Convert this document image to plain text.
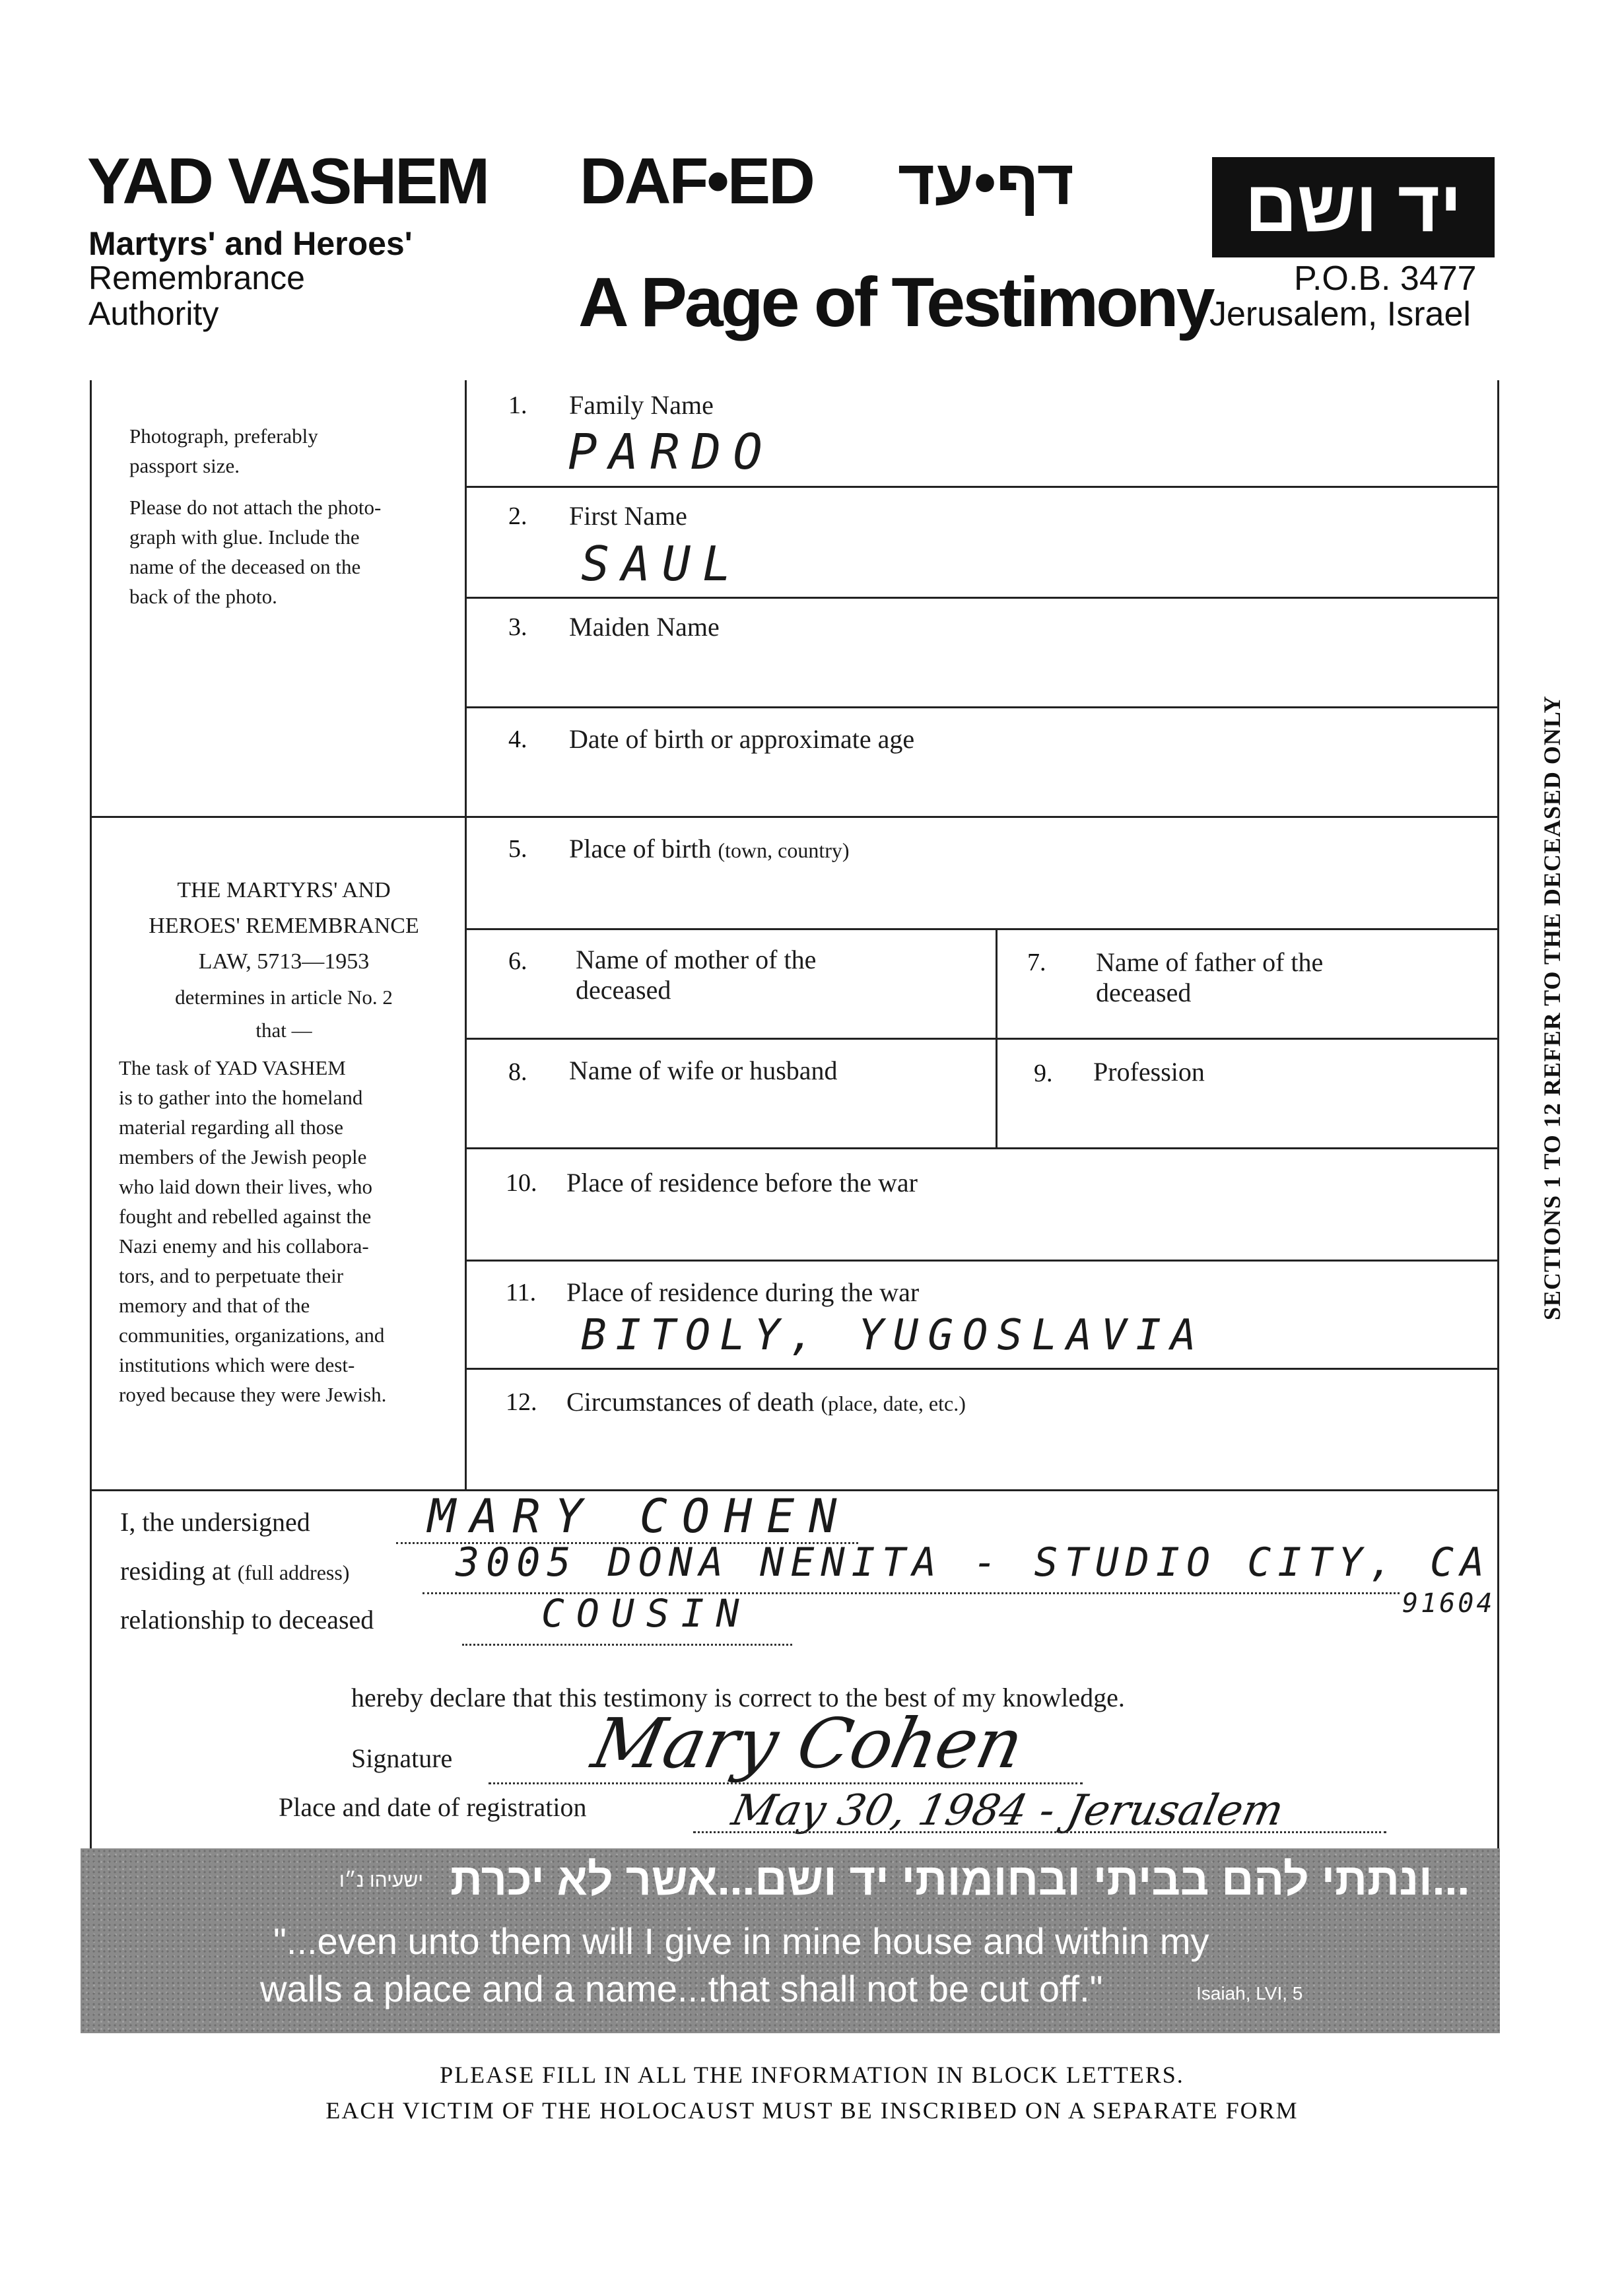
YAD VASHEM
Martyrs' and Heroes'
Remembrance
Authority
DAF•ED דף•עד
A Page of Testimony
יד ושם
P.O.B. 3477
Jerusalem, Israel
Photograph, preferably
passport size.
Please do not attach the photo-
graph with glue. Include the
name of the deceased on the
back of the photo.
THE MARTYRS' AND
HEROES' REMEMBRANCE
LAW, 5713—1953
determines in article No. 2
that —
The task of YAD VASHEM
is to gather into the homeland
material regarding all those
members of the Jewish people
who laid down their lives, who
fought and rebelled against the
Nazi enemy and his collabora-
tors, and to perpetuate their
memory and that of the
communities, organizations, and
institutions which were dest-
royed because they were Jewish.
1. Family Name
PARDO
2. First Name
SAUL
3. Maiden Name
4. Date of birth or approximate age
5. Place of birth (town, country)
6. Name of mother of the
deceased
7. Name of father of the
deceased
8. Name of wife or husband	9. Profession
10. Place of residence before the war
11. Place of residence during the war
BITOLY, YUGOSLAVIA
12. Circumstances of death (place, date, etc.)
SECTIONS 1 TO 12 REFER TO THE DECEASED ONLY
I, the undersigned	MARY COHEN
residing at (full address)	3005 DONA NENITA - STUDIO CITY, CA
91604
relationship to deceased	COUSIN
hereby declare that this testimony is correct to the best of my knowledge.
Signature Mary Cohen
Place and date of registration	May 30, 1984 - Jerusalem
...ונתתי להם בביתי ובחומותי יד ושם...אשר לא יכרת
ישעיהו נ״ו
"...even unto them will I give in mine house and within my
walls a place and a name...that shall not be cut off."	Isaiah, LVI, 5
PLEASE FILL IN ALL THE INFORMATION IN BLOCK LETTERS.
EACH VICTIM OF THE HOLOCAUST MUST BE INSCRIBED ON A SEPARATE FORM
